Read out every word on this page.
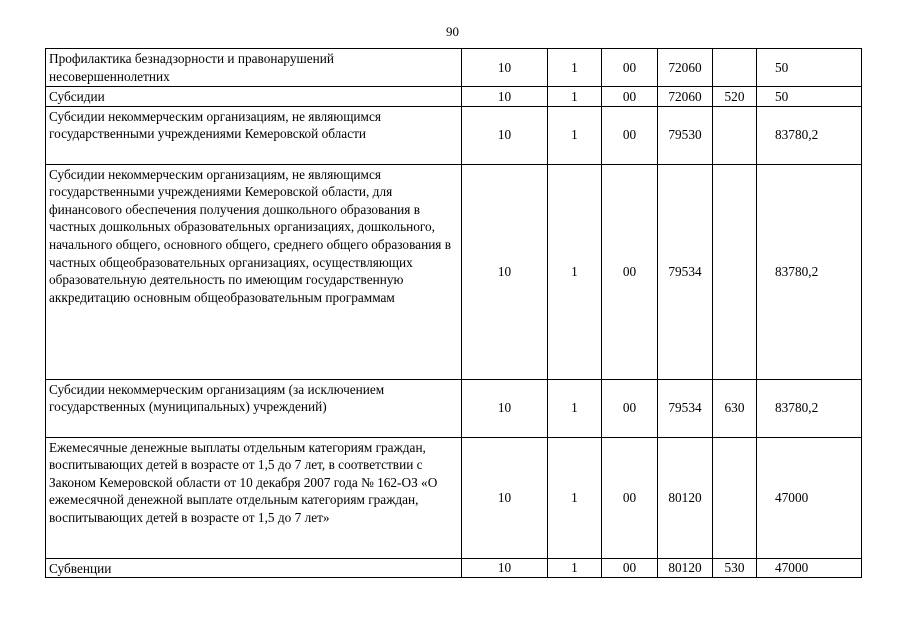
90
Профилактика безнадзорности и правонарушений несовершеннолетних	10	1	00	72060		50
Субсидии	10	1	00	72060	520	50
Субсидии некоммерческим организациям, не являющимся государственными учреждениями Кемеровской области	10	1	00	79530		83780,2
Субсидии некоммерческим организациям, не являющимся государственными учреждениями Кемеровской области, для финансового обеспечения получения дошкольного образования в частных дошкольных образовательных организациях, дошкольного, начального общего, основного общего, среднего общего образования в частных общеобразовательных организациях, осуществляющих образовательную деятельность по имеющим государственную аккредитацию основным общеобразовательным программам	10	1	00	79534		83780,2
Субсидии некоммерческим организациям (за исключением государственных (муниципальных) учреждений)	10	1	00	79534	630	83780,2
Ежемесячные денежные выплаты отдельным категориям граждан, воспитывающих детей в возрасте от 1,5 до 7 лет, в соответствии с Законом Кемеровской области от 10 декабря 2007 года № 162-ОЗ «О ежемесячной денежной выплате отдельным категориям граждан, воспитывающих детей в возрасте от 1,5 до 7 лет»	10	1	00	80120		47000
Субвенции	10	1	00	80120	530	47000
